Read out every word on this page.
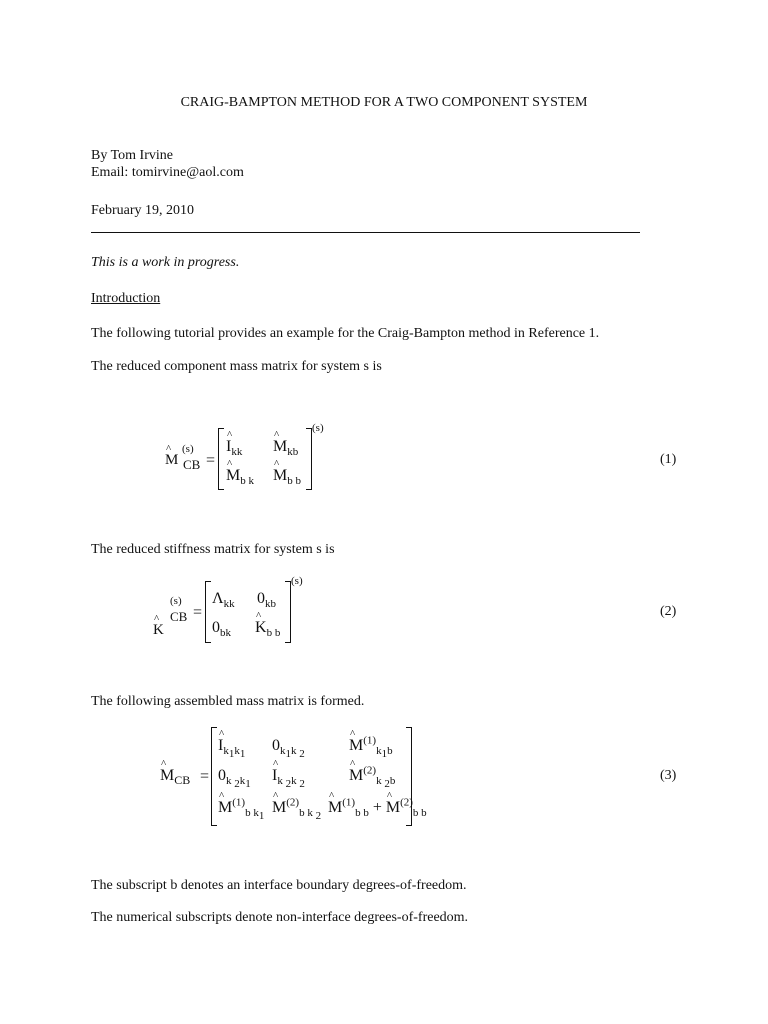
CRAIG-BAMPTON METHOD FOR A TWO COMPONENT SYSTEM
By Tom Irvine
Email: tomirvine@aol.com
February 19, 2010
This is a work in progress.
Introduction
The following tutorial provides an example for the Craig-Bampton method in Reference 1.
The reduced component mass matrix for system s is
^ M
(s)
CB =
^ $I_{kk}$ ^ $M_{kb}$
^ $M_{b k}$ ^ $M_{b b}$
(s)
(1)
The reduced stiffness matrix for system s is
^ K
(s)
CB =
$\Lambda_{kk}$ $0_{kb}$
$0_{bk}$ ^ $K_{b b}$
(s)
(2)
The following assembled mass matrix is formed.
^ $M_{CB}$ =
^ $I_{k_1k_1}$
$0_{k_1k _2}$
^ $M^{(1)}_{k_1b}$
$0_{k _2k_1}$
^ $I_{k _2k _2}$
^ $M^{(2)}_{k _2b}$
^ $M^{(1)}_{b k_1}$
^ $M^{(2)}_{b k _2}$
^ $M^{(1)}_{b b}$ + ^ $M^{(2)}_{b b}$
(3)
The subscript b denotes an interface boundary degrees-of-freedom.
The numerical subscripts denote non-interface degrees-of-freedom.
